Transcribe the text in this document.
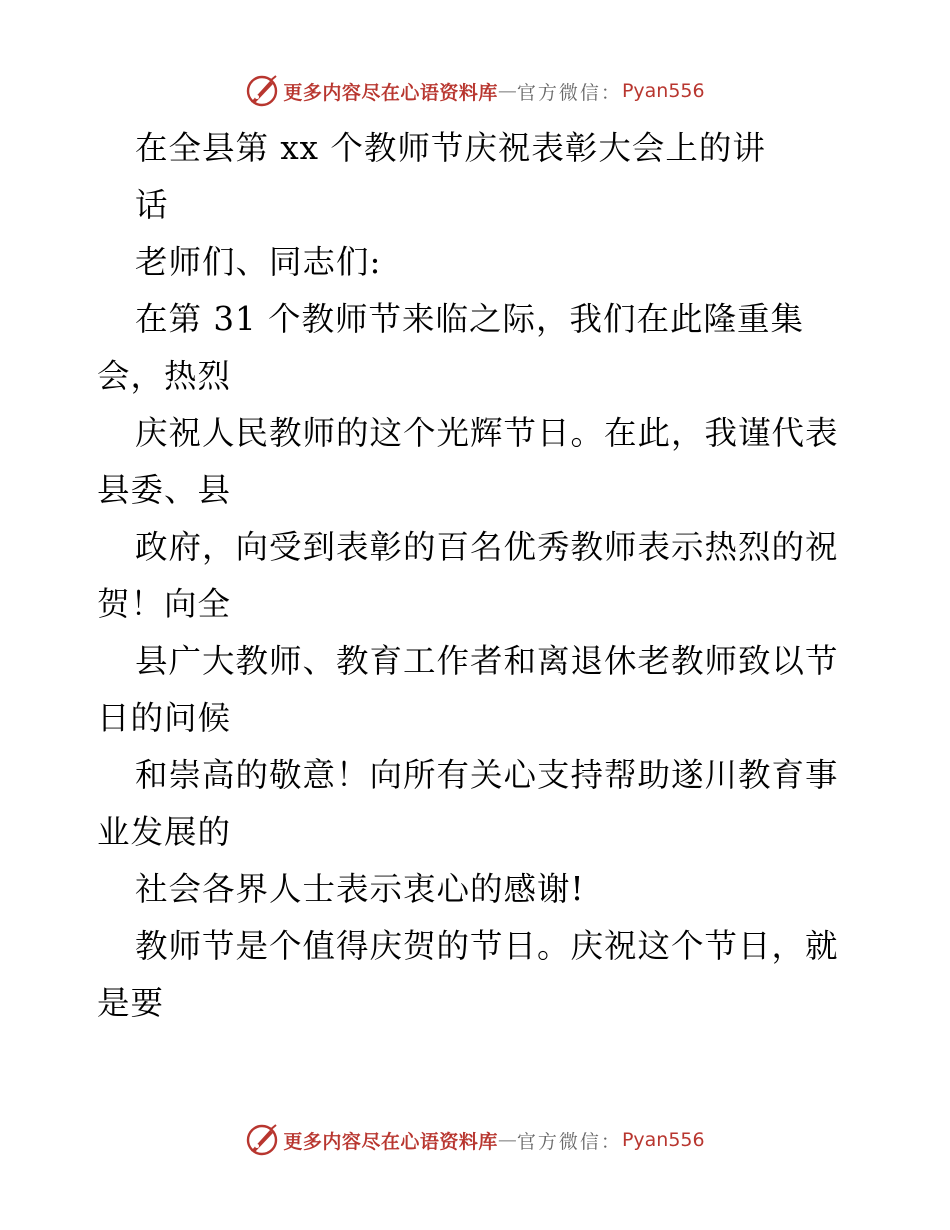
更多内容尽在心语资料库 — 官方微信： Pyan556
在全县第 xx 个教师节庆祝表彰大会上的讲
话
老师们、同志们:
在第 31 个教师节来临之际，我们在此隆重集
会，热烈
庆祝人民教师的这个光辉节日。在此，我谨代表
县委、县
政府，向受到表彰的百名优秀教师表示热烈的祝
贺！向全
县广大教师、教育工作者和离退休老教师致以节
日的问候
和崇高的敬意！向所有关心支持帮助遂川教育事
业发展的
社会各界人士表示衷心的感谢!
教师节是个值得庆贺的节日。庆祝这个节日，就
是要
更多内容尽在心语资料库 — 官方微信： Pyan556
